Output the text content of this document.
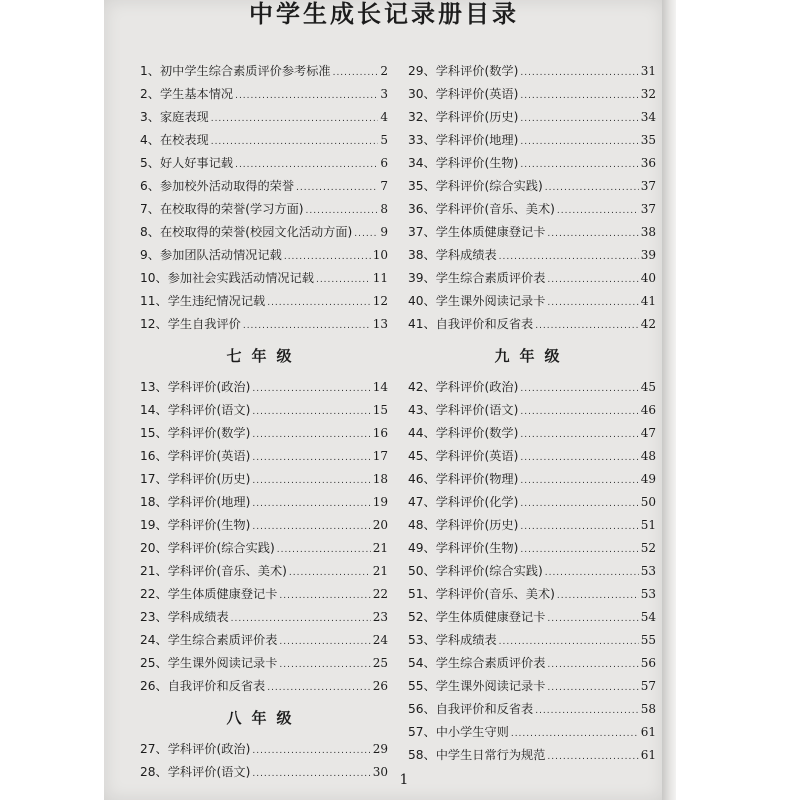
中学生成长记录册目录
1、初中学生综合素质评价参考标准 .....	2
2、学生基本情况 .....	3
3、家庭表现 .....	4
4、在校表现 .....	5
5、好人好事记载 .....	6
6、参加校外活动取得的荣誉 .....	7
7、在校取得的荣誉(学习方面) .....	8
8、在校取得的荣誉(校园文化活动方面) ..... 9
9、参加团队活动情况记载 .....	10
10、参加社会实践活动情况记载 .....	11
11、学生违纪情况记载 .....	12
12、学生自我评价 .....	13
七年级
13、学科评价(政治) .....	14
14、学科评价(语文) .....	15
15、学科评价(数学) .....	16
16、学科评价(英语) .....	17
17、学科评价(历史) .....	18
18、学科评价(地理) .....	19
19、学科评价(生物) .....	20
20、学科评价(综合实践) .....	21
21、学科评价(音乐、美术) .....	21
22、学生体质健康登记卡 .....	22
23、学科成绩表 .....	23
24、学生综合素质评价表 .....	24
25、学生课外阅读记录卡 .....	25
26、自我评价和反省表 .....	26
八年级
27、学科评价(政治) .....	29
28、学科评价(语文) .....	30
29、学科评价(数学) .....	31
30、学科评价(英语) .....	32
32、学科评价(历史) .....	34
33、学科评价(地理) .....	35
34、学科评价(生物) .....	36
35、学科评价(综合实践) .....	37
36、学科评价(音乐、美术) .....	37
37、学生体质健康登记卡 .....	38
38、学科成绩表 .....	39
39、学生综合素质评价表 .....	40
40、学生课外阅读记录卡 .....	41
41、自我评价和反省表 .....	42
九年级
42、学科评价(政治) .....	45
43、学科评价(语文) .....	46
44、学科评价(数学) .....	47
45、学科评价(英语) .....	48
46、学科评价(物理) .....	49
47、学科评价(化学) .....	50
48、学科评价(历史) .....	51
49、学科评价(生物) .....	52
50、学科评价(综合实践) .....	53
51、学科评价(音乐、美术) .....	53
52、学生体质健康登记卡 .....	54
53、学科成绩表 .....	55
54、学生综合素质评价表 .....	56
55、学生课外阅读记录卡 .....	57
56、自我评价和反省表 .....	58
57、中小学生守则 .....	61
58、中学生日常行为规范 .....	61
1
